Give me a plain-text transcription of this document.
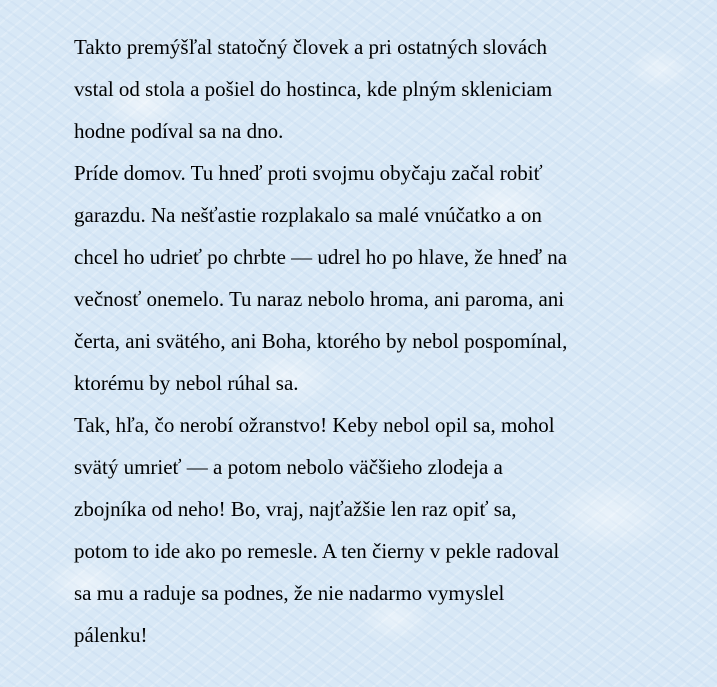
Takto premýšľal statočný človek a pri ostatných slovách
vstal od stola a pošiel do hostinca, kde plným skleniciam
hodne podíval sa na dno.
Príde domov. Tu hneď proti svojmu obyčaju začal robiť
garazdu. Na nešťastie rozplakalo sa malé vnúčatko a on
chcel ho udrieť po chrbte — udrel ho po hlave, že hneď na
večnosť onemelo. Tu naraz nebolo hroma, ani paroma, ani
čerta, ani svätého, ani Boha, ktorého by nebol pospomínal,
ktorému by nebol rúhal sa.
Tak, hľa, čo nerobí ožranstvo! Keby nebol opil sa, mohol
svätý umrieť — a potom nebolo väčšieho zlodeja a
zbojníka od neho! Bo, vraj, najťažšie len raz opiť sa,
potom to ide ako po remesle. A ten čierny v pekle radoval
sa mu a raduje sa podnes, že nie nadarmo vymyslel
pálenku!
